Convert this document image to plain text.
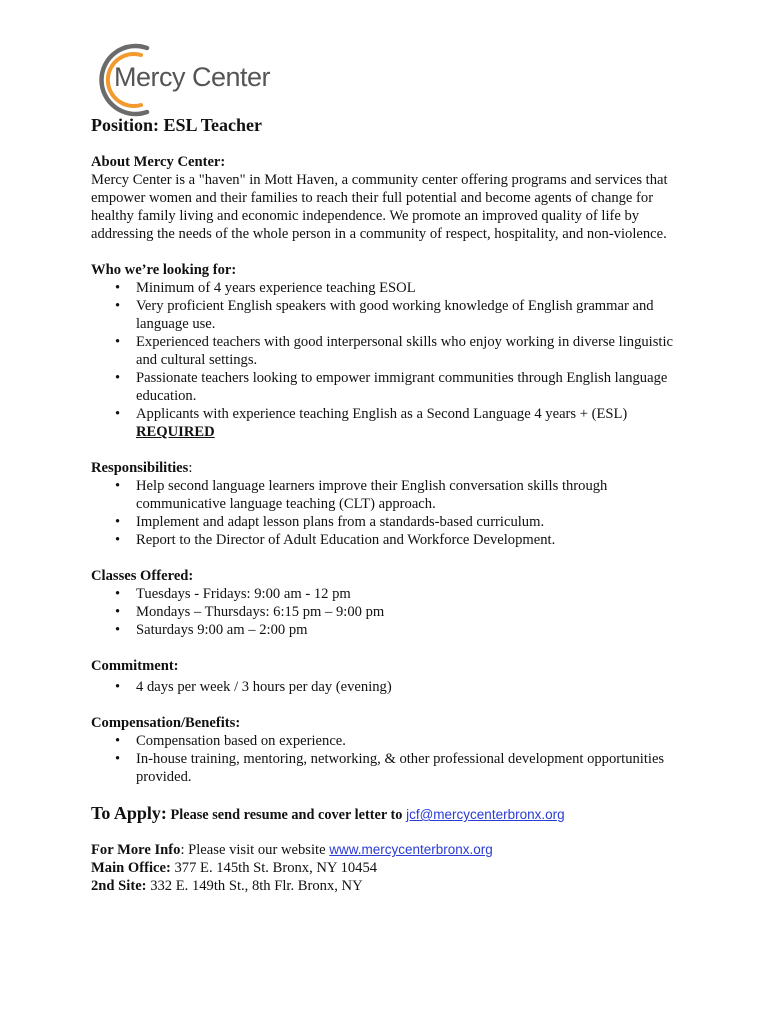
Mercy Center
Position: ESL Teacher

About Mercy Center:

Mercy Center is a "haven" in Mott Haven, a community center offering programs and services that empower women and their families to reach their full potential and become agents of change for healthy family living and economic independence. We promote an improved quality of life by addressing the needs of the whole person in a community of respect, hospitality, and non-violence.

Who we’re looking for:

• Minimum of 4 years experience teaching ESOL
• Very proficient English speakers with good working knowledge of English grammar and language use.
• Experienced teachers with good interpersonal skills who enjoy working in diverse linguistic and cultural settings.
• Passionate teachers looking to empower immigrant communities through English language education.
• Applicants with experience teaching English as a Second Language 4 years + (ESL) REQUIRED

Responsibilities:

• Help second language learners improve their English conversation skills through communicative language teaching (CLT) approach.
• Implement and adapt lesson plans from a standards-based curriculum.
• Report to the Director of Adult Education and Workforce Development.

Classes Offered:

• Tuesdays - Fridays: 9:00 am - 12 pm
• Mondays – Thursdays: 6:15 pm – 9:00 pm
• Saturdays 9:00 am – 2:00 pm

Commitment:

• 4 days per week / 3 hours per day (evening)

Compensation/Benefits:

• Compensation based on experience.
• In-house training, mentoring, networking, & other professional development opportunities provided.

To Apply: Please send resume and cover letter to jcf@mercycenterbronx.org

For More Info: Please visit our website www.mercycenterbronx.org

Main Office: 377 E. 145th St. Bronx, NY 10454

2nd Site: 332 E. 149th St., 8th Flr. Bronx, NY
